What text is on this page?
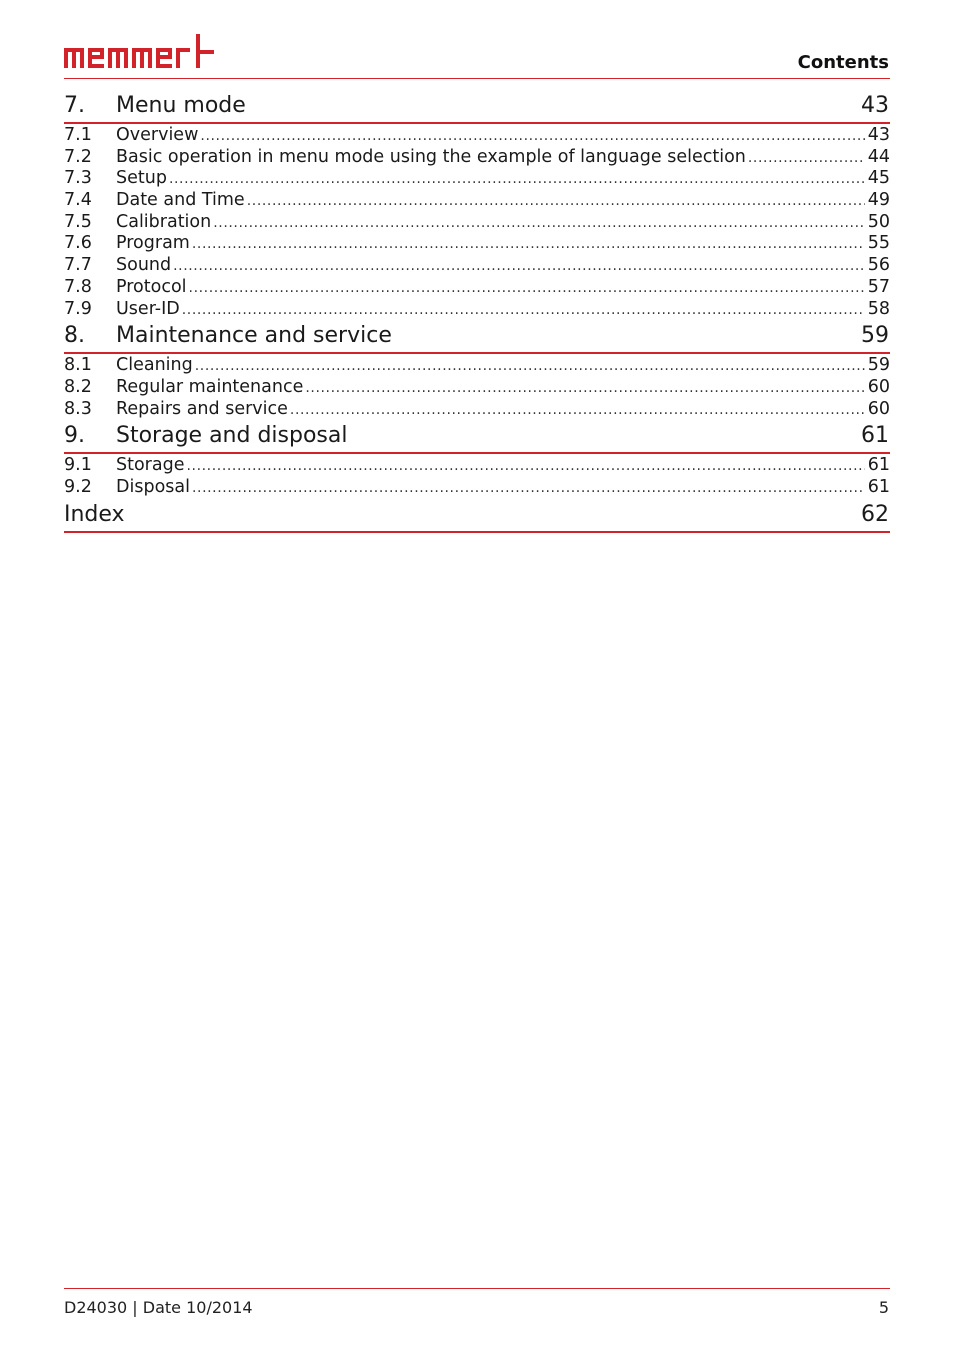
Contents
7. Menu mode	43
7.1	Overview .....	43
7.2	Basic operation in menu mode using the example of language selection .....	44
7.3	Setup .....	45
7.4	Date and Time .....	49
7.5	Calibration .....	50
7.6	Program .....	55
7.7	Sound .....	56
7.8	Protocol .....	57
7.9	User-ID .....	58
8. Maintenance and service	59
8.1	Cleaning .....	59
8.2	Regular maintenance .....	60
8.3	Repairs and service .....	60
9. Storage and disposal	61
9.1	Storage .....	61
9.2	Disposal .....	61
Index	62
D24030 | Date 10/2014	5
